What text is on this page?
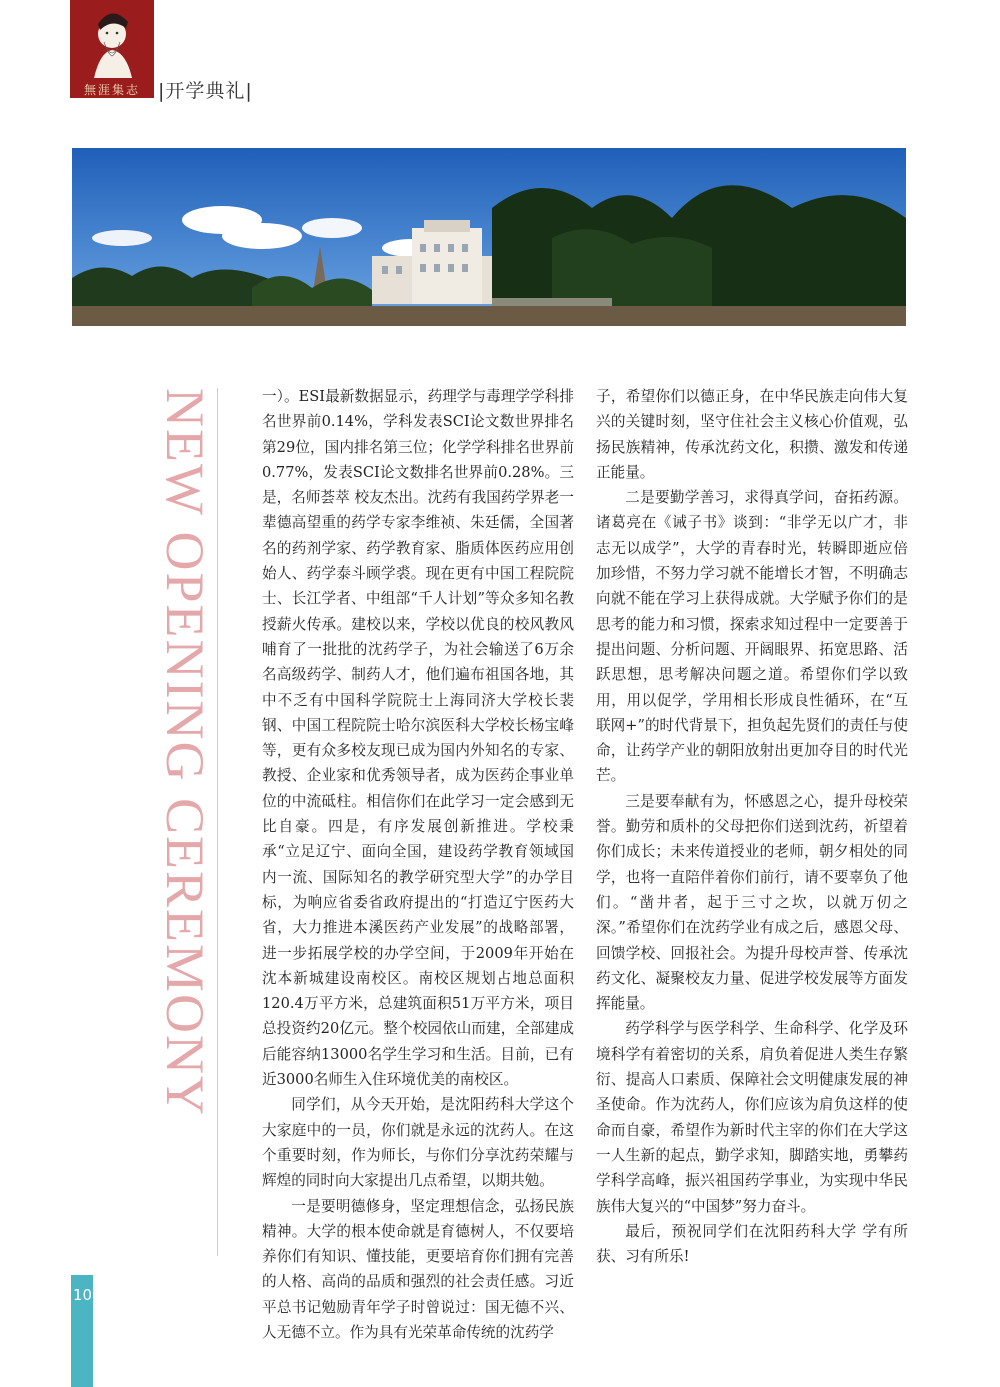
無涯集志 |开学典礼|
NEW OPENING CEREMONY	一）。ESI最新数据显示，药理学与毒理学学科排名世界前0.14%，学科发表SCI论文数世界排名第29位，国内排名第三位；化学学科排名世界前0.77%，发表SCI论文数排名世界前0.28%。三是，名师荟萃 校友杰出。沈药有我国药学界老一辈德高望重的药学专家李维祯、朱廷儒，全国著名的药剂学家、药学教育家、脂质体医药应用创始人、药学泰斗顾学裘。现在更有中国工程院院士、长江学者、中组部“千人计划”等众多知名教授薪火传承。建校以来，学校以优良的校风教风哺育了一批批的沈药学子，为社会输送了6万余名高级药学、制药人才，他们遍布祖国各地，其中不乏有中国科学院院士上海同济大学校长裴钢、中国工程院院士哈尔滨医科大学校长杨宝峰等，更有众多校友现已成为国内外知名的专家、教授、企业家和优秀领导者，成为医药企事业单位的中流砥柱。相信你们在此学习一定会感到无比自豪。四是，有序发展创新推进。学校秉承“立足辽宁、面向全国，建设药学教育领域国内一流、国际知名的教学研究型大学”的办学目标，为响应省委省政府提出的“打造辽宁医药大省，大力推进本溪医药产业发展”的战略部署，进一步拓展学校的办学空间，于2009年开始在沈本新城建设南校区。南校区规划占地总面积120.4万平方米，总建筑面积51万平方米，项目总投资约20亿元。整个校园依山而建，全部建成后能容纳13000名学生学习和生活。目前，已有近3000名师生入住环境优美的南校区。

同学们，从今天开始，是沈阳药科大学这个大家庭中的一员，你们就是永远的沈药人。在这个重要时刻，作为师长，与你们分享沈药荣耀与辉煌的同时向大家提出几点希望，以期共勉。

一是要明德修身，坚定理想信念，弘扬民族精神。大学的根本使命就是育德树人，不仅要培养你们有知识、懂技能，更要培育你们拥有完善的人格、高尚的品质和强烈的社会责任感。习近平总书记勉励青年学子时曾说过：国无德不兴、人无德不立。作为具有光荣革命传统的沈药学

子，希望你们以德正身，在中华民族走向伟大复兴的关键时刻，坚守住社会主义核心价值观，弘扬民族精神，传承沈药文化，积攒、激发和传递正能量。

二是要勤学善习，求得真学问，奋拓药源。诸葛亮在《诫子书》谈到：“非学无以广才，非志无以成学”，大学的青春时光，转瞬即逝应倍加珍惜，不努力学习就不能增长才智，不明确志向就不能在学习上获得成就。大学赋予你们的是思考的能力和习惯，探索求知过程中一定要善于提出问题、分析问题、开阔眼界、拓宽思路、活跃思想，思考解决问题之道。希望你们学以致用，用以促学，学用相长形成良性循环，在“互联网+”的时代背景下，担负起先贤们的责任与使命，让药学产业的朝阳放射出更加夺目的时代光芒。

三是要奉献有为，怀感恩之心，提升母校荣誉。勤劳和质朴的父母把你们送到沈药，祈望着你们成长；未来传道授业的老师，朝夕相处的同学，也将一直陪伴着你们前行，请不要辜负了他们。“凿井者，起于三寸之坎，以就万仞之深。”希望你们在沈药学业有成之后，感恩父母、回馈学校、回报社会。为提升母校声誉、传承沈药文化、凝聚校友力量、促进学校发展等方面发挥能量。

药学科学与医学科学、生命科学、化学及环境科学有着密切的关系，肩负着促进人类生存繁衍、提高人口素质、保障社会文明健康发展的神圣使命。作为沈药人，你们应该为肩负这样的使命而自豪，希望作为新时代主宰的你们在大学这一人生新的起点，勤学求知，脚踏实地，勇攀药学科学高峰，振兴祖国药学事业，为实现中华民族伟大复兴的“中国梦”努力奋斗。

最后，预祝同学们在沈阳药科大学 学有所获、习有所乐!

10
